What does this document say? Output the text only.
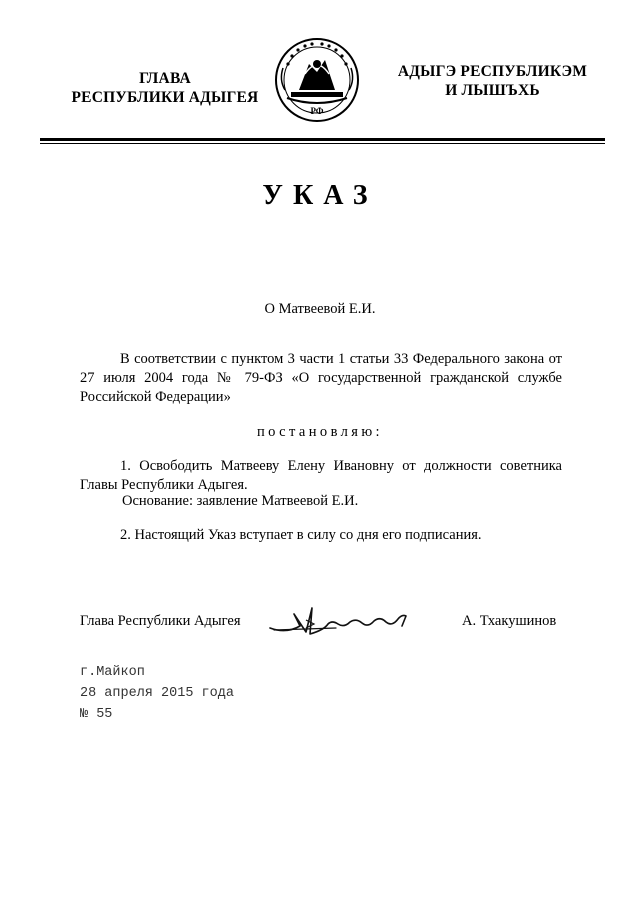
ГЛАВА
РЕСПУБЛИКИ АДЫГЕЯ
РФ
АДЫГЭ РЕСПУБЛИКЭМ
И ЛЫШЪХЬ
УКАЗ
О Матвеевой Е.И.
В соответствии с пунктом 3 части 1 статьи 33 Федерального закона от 27 июля 2004 года № 79-ФЗ «О государственной гражданской службе Российской Федерации»
постановляю:
1. Освободить Матвееву Елену Ивановну от должности советника Главы Республики Адыгея.
Основание: заявление Матвеевой Е.И.
2. Настоящий Указ вступает в силу со дня его подписания.
Глава Республики Адыгея	А. Тхакушинов
г.Майкоп
28 апреля 2015 года
№ 55
